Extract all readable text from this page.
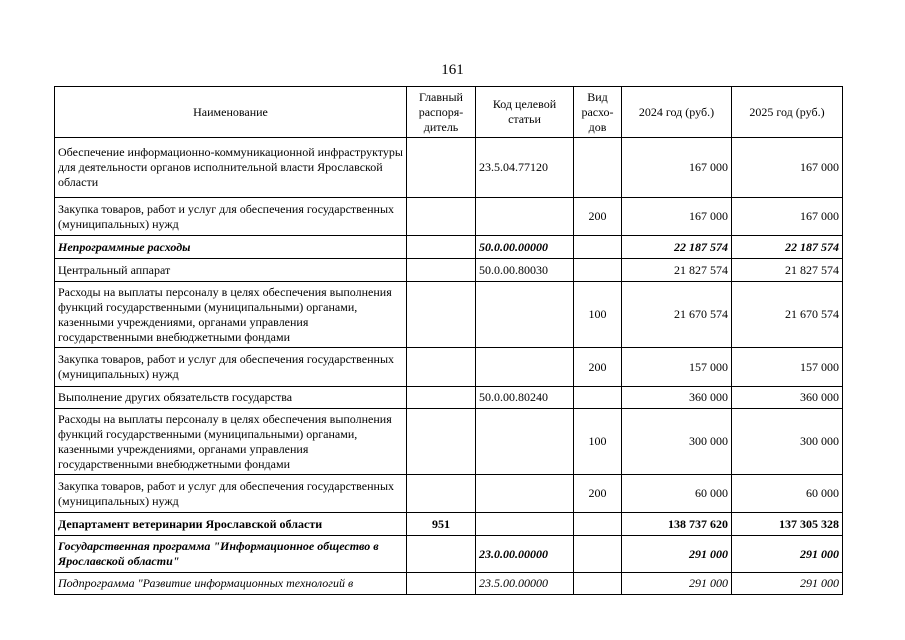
161
Наименование	Главный распоря-дитель	Код целевой статьи	Вид расхо-дов	2024 год (руб.)	2025 год (руб.)
Обеспечение информационно-коммуникационной инфраструктуры для деятельности органов исполнительной власти Ярославской области		23.5.04.77120		167 000	167 000
Закупка товаров, работ и услуг для обеспечения государственных (муниципальных) нужд			200	167 000	167 000
Непрограммные расходы		50.0.00.00000		22 187 574	22 187 574
Центральный аппарат		50.0.00.80030		21 827 574	21 827 574
Расходы на выплаты персоналу в целях обеспечения выполнения функций государственными (муниципальными) органами, казенными учреждениями, органами управления государственными внебюджетными фондами			100	21 670 574	21 670 574
Закупка товаров, работ и услуг для обеспечения государственных (муниципальных) нужд			200	157 000	157 000
Выполнение других обязательств государства		50.0.00.80240		360 000	360 000
Расходы на выплаты персоналу в целях обеспечения выполнения функций государственными (муниципальными) органами, казенными учреждениями, органами управления государственными внебюджетными фондами			100	300 000	300 000
Закупка товаров, работ и услуг для обеспечения государственных (муниципальных) нужд			200	60 000	60 000
Департамент ветеринарии Ярославской области	951			138 737 620	137 305 328
Государственная программа "Информационное общество в Ярославской области"		23.0.00.00000		291 000	291 000
Подпрограмма "Развитие информационных технологий в		23.5.00.00000		291 000	291 000
